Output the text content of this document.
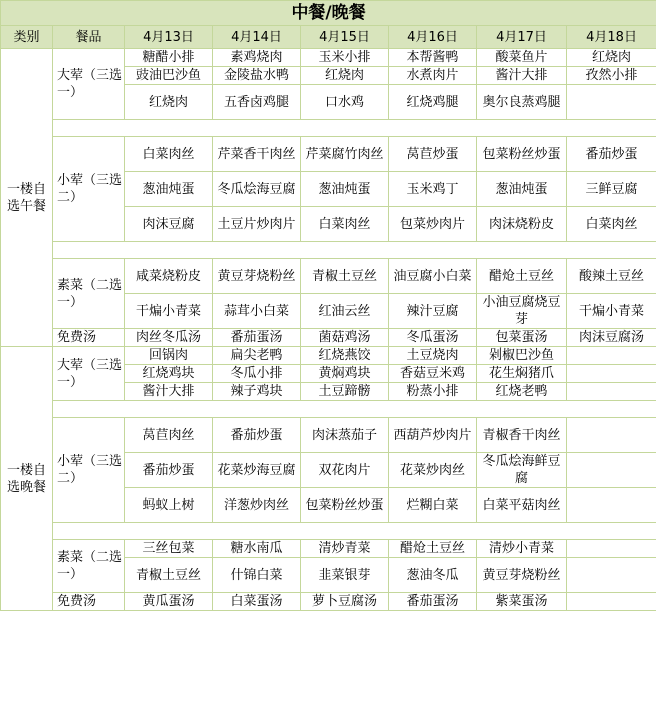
中餐/晚餐							
类别	餐品	4月13日	4月14日	4月15日	4月16日	4月17日	4月18日
一楼自选午餐	大荤（三选一）	糖醋小排	素鸡烧肉	玉米小排	本帮酱鸭	酸菜鱼片	红烧肉
		豉油巴沙鱼	金陵盐水鸭	红烧肉	水煮肉片	酱汁大排	孜然小排
		红烧肉	五香卤鸡腿	口水鸡	红烧鸡腿	奥尔良蒸鸡腿	

	小荤（三选二）	白菜肉丝	芹菜香干肉丝	芹菜腐竹肉丝	莴苣炒蛋	包菜粉丝炒蛋	番茄炒蛋
		葱油炖蛋	冬瓜烩海豆腐	葱油炖蛋	玉米鸡丁	葱油炖蛋	三鲜豆腐
		肉沫豆腐	土豆片炒肉片	白菜肉丝	包菜炒肉片	肉沫烧粉皮	白菜肉丝

	素菜（二选一）	咸菜烧粉皮	黄豆芽烧粉丝	青椒土豆丝	油豆腐小白菜	醋炝土豆丝	酸辣土豆丝
		干煸小青菜	蒜茸小白菜	红油云丝	辣汁豆腐	小油豆腐烧豆芽	干煸小青菜
	免费汤	肉丝冬瓜汤	番茄蛋汤	菌菇鸡汤	冬瓜蛋汤	包菜蛋汤	肉沫豆腐汤
一楼自选晚餐	大荤（三选一）	回锅肉	扁尖老鸭	红烧燕饺	土豆烧肉	剁椒巴沙鱼	
		红烧鸡块	冬瓜小排	黄焖鸡块	香菇豆米鸡	花生焖猪爪	
		酱汁大排	辣子鸡块	土豆蹄髈	粉蒸小排	红烧老鸭	

	小荤（三选二）	莴苣肉丝	番茄炒蛋	肉沫蒸茄子	西葫芦炒肉片	青椒香干肉丝	
		番茄炒蛋	花菜炒海豆腐	双花肉片	花菜炒肉丝	冬瓜烩海鲜豆腐	
		蚂蚁上树	洋葱炒肉丝	包菜粉丝炒蛋	烂糊白菜	白菜平菇肉丝	

	素菜（二选一）	三丝包菜	糖水南瓜	清炒青菜	醋炝土豆丝	清炒小青菜	
		青椒土豆丝	什锦白菜	韭菜银芽	葱油冬瓜	黄豆芽烧粉丝	
	免费汤	黄瓜蛋汤	白菜蛋汤	萝卜豆腐汤	番茄蛋汤	紫菜蛋汤	
